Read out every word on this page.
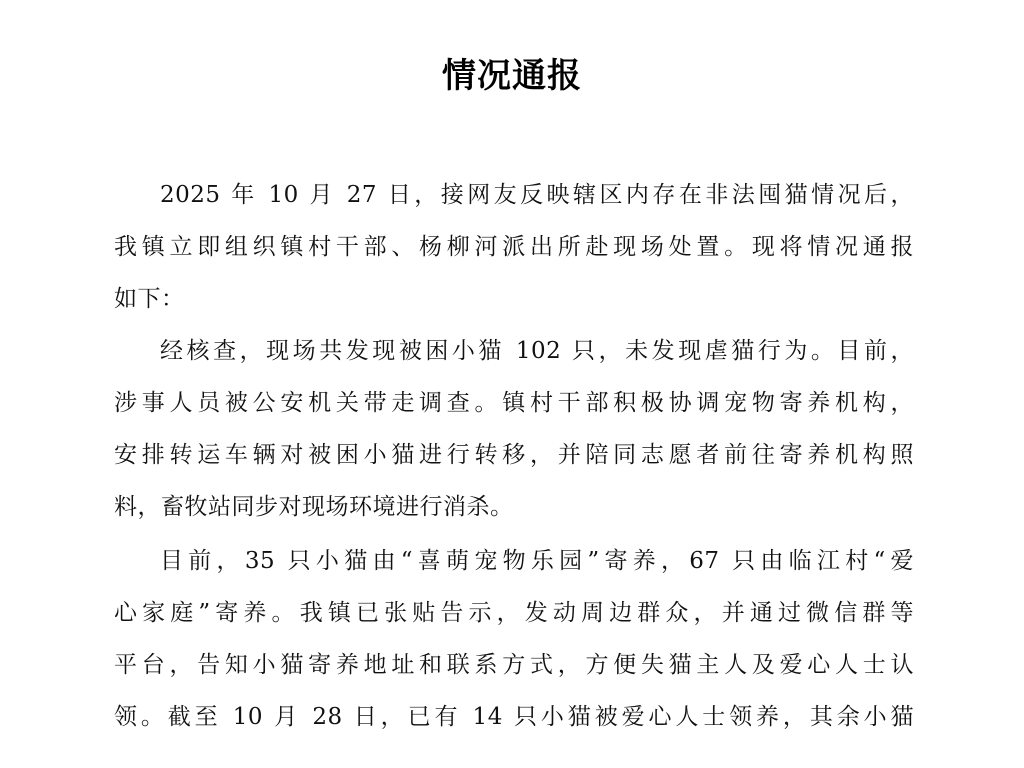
情况通报
2025 年 10 月 27 日，接网友反映辖区内存在非法囤猫情况后，
我镇立即组织镇村干部、杨柳河派出所赴现场处置。现将情况通报
如下：
经核查，现场共发现被困小猫 102 只，未发现虐猫行为。目前，
涉事人员被公安机关带走调查。镇村干部积极协调宠物寄养机构，
安排转运车辆对被困小猫进行转移，并陪同志愿者前往寄养机构照
料，畜牧站同步对现场环境进行消杀。
目前，35 只小猫由“喜萌宠物乐园”寄养，67 只由临江村“爱
心家庭”寄养。我镇已张贴告示，发动周边群众，并通过微信群等
平台，告知小猫寄养地址和联系方式，方便失猫主人及爱心人士认
领。截至 10 月 28 日，已有 14 只小猫被爱心人士领养，其余小猫
